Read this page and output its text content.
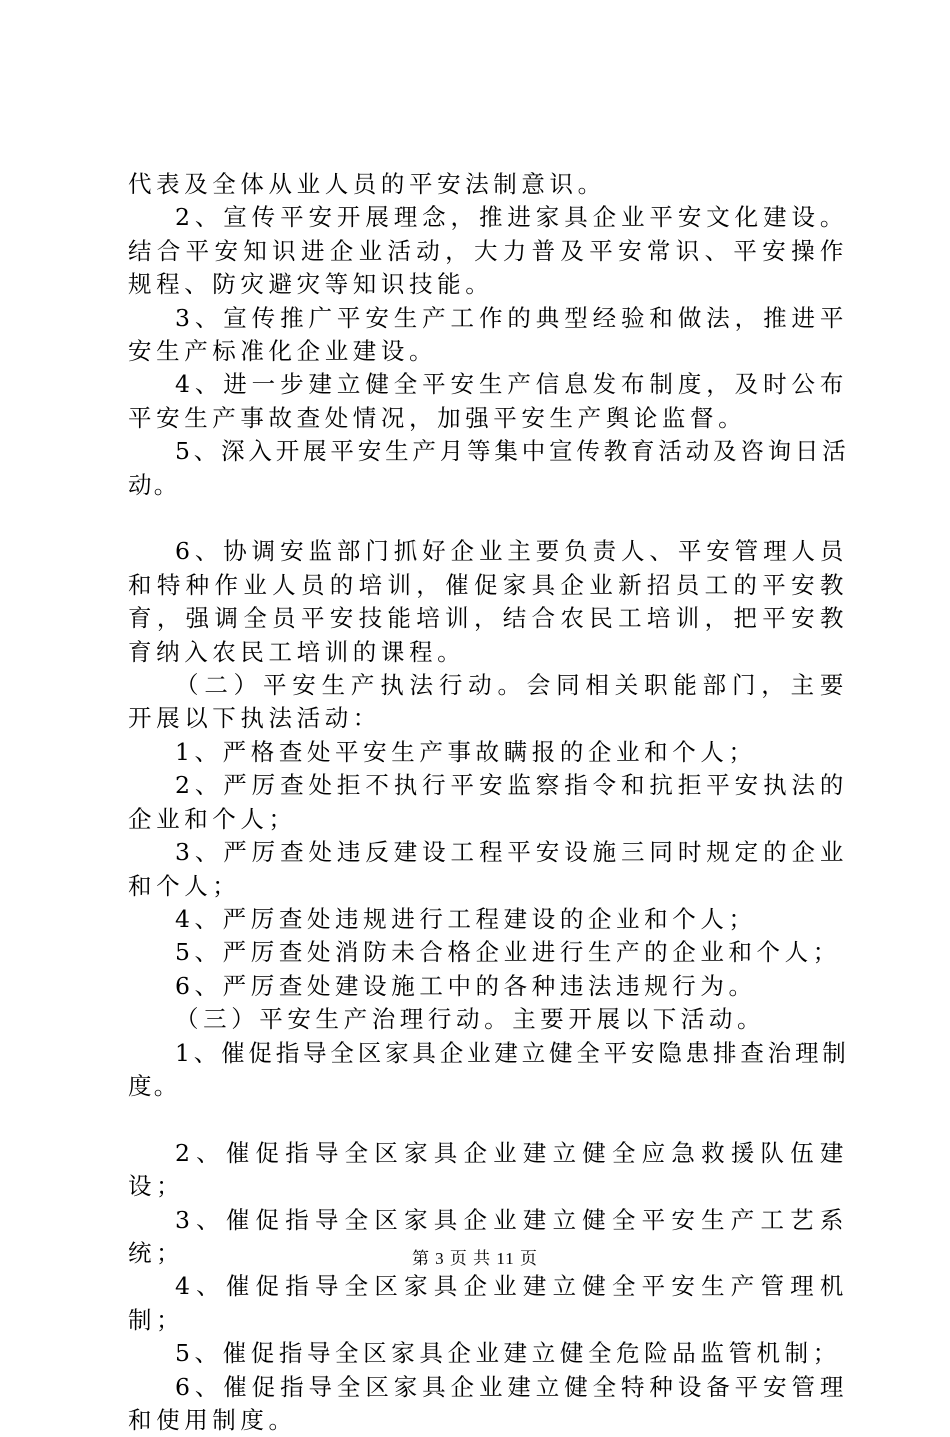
代表及全体从业人员的平安法制意识。

2、宣传平安开展理念，推进家具企业平安文化建设。结合平安知识进企业活动，大力普及平安常识、平安操作规程、防灾避灾等知识技能。

3、宣传推广平安生产工作的典型经验和做法，推进平安生产标准化企业建设。

4、进一步建立健全平安生产信息发布制度，及时公布平安生产事故查处情况，加强平安生产舆论监督。

5、深入开展平安生产月等集中宣传教育活动及咨询日活动。

6、协调安监部门抓好企业主要负责人、平安管理人员和特种作业人员的培训，催促家具企业新招员工的平安教育，强调全员平安技能培训，结合农民工培训，把平安教育纳入农民工培训的课程。

（二）平安生产执法行动。会同相关职能部门，主要开展以下执法活动：

1、严格查处平安生产事故瞒报的企业和个人；

2、严厉查处拒不执行平安监察指令和抗拒平安执法的企业和个人；

3、严厉查处违反建设工程平安设施三同时规定的企业和个人；

4、严厉查处违规进行工程建设的企业和个人；

5、严厉查处消防未合格企业进行生产的企业和个人；

6、严厉查处建设施工中的各种违法违规行为。

（三）平安生产治理行动。主要开展以下活动。

1、催促指导全区家具企业建立健全平安隐患排查治理制度。

2、催促指导全区家具企业建立健全应急救援队伍建设；

3、催促指导全区家具企业建立健全平安生产工艺系统；

4、催促指导全区家具企业建立健全平安生产管理机制；

5、催促指导全区家具企业建立健全危险品监管机制；

6、催促指导全区家具企业建立健全特种设备平安管理和使用制度。

第 3 页 共 11 页
